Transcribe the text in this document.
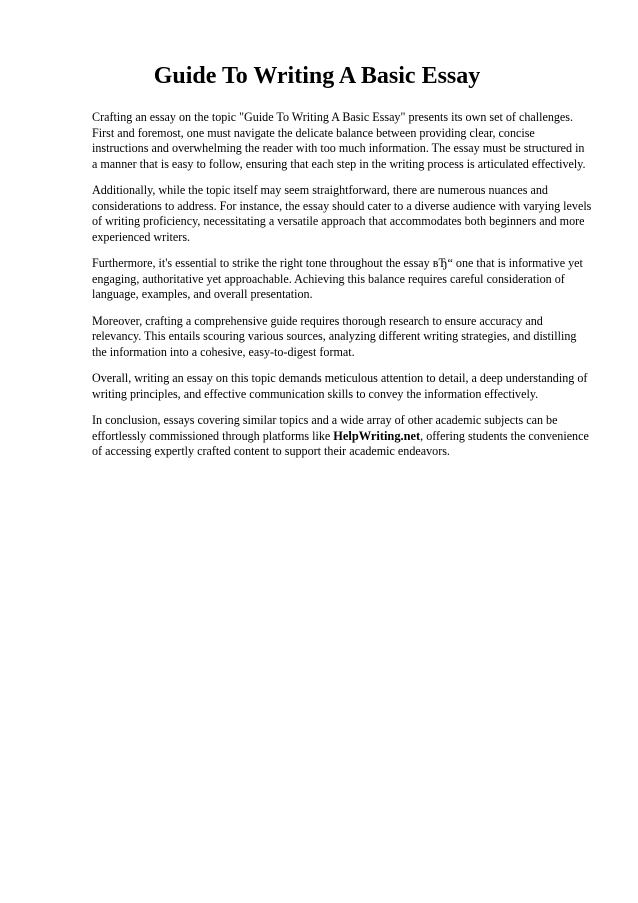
Guide To Writing A Basic Essay

Crafting an essay on the topic "Guide To Writing A Basic Essay" presents its own set of challenges. First and foremost, one must navigate the delicate balance between providing clear, concise instructions and overwhelming the reader with too much information. The essay must be structured in a manner that is easy to follow, ensuring that each step in the writing process is articulated effectively.

Additionally, while the topic itself may seem straightforward, there are numerous nuances and considerations to address. For instance, the essay should cater to a diverse audience with varying levels of writing proficiency, necessitating a versatile approach that accommodates both beginners and more experienced writers.

Furthermore, it's essential to strike the right tone throughout the essay вЂ“ one that is informative yet engaging, authoritative yet approachable. Achieving this balance requires careful consideration of language, examples, and overall presentation.

Moreover, crafting a comprehensive guide requires thorough research to ensure accuracy and relevancy. This entails scouring various sources, analyzing different writing strategies, and distilling the information into a cohesive, easy-to-digest format.

Overall, writing an essay on this topic demands meticulous attention to detail, a deep understanding of writing principles, and effective communication skills to convey the information effectively.

In conclusion, essays covering similar topics and a wide array of other academic subjects can be effortlessly commissioned through platforms like HelpWriting.net, offering students the convenience of accessing expertly crafted content to support their academic endeavors.
